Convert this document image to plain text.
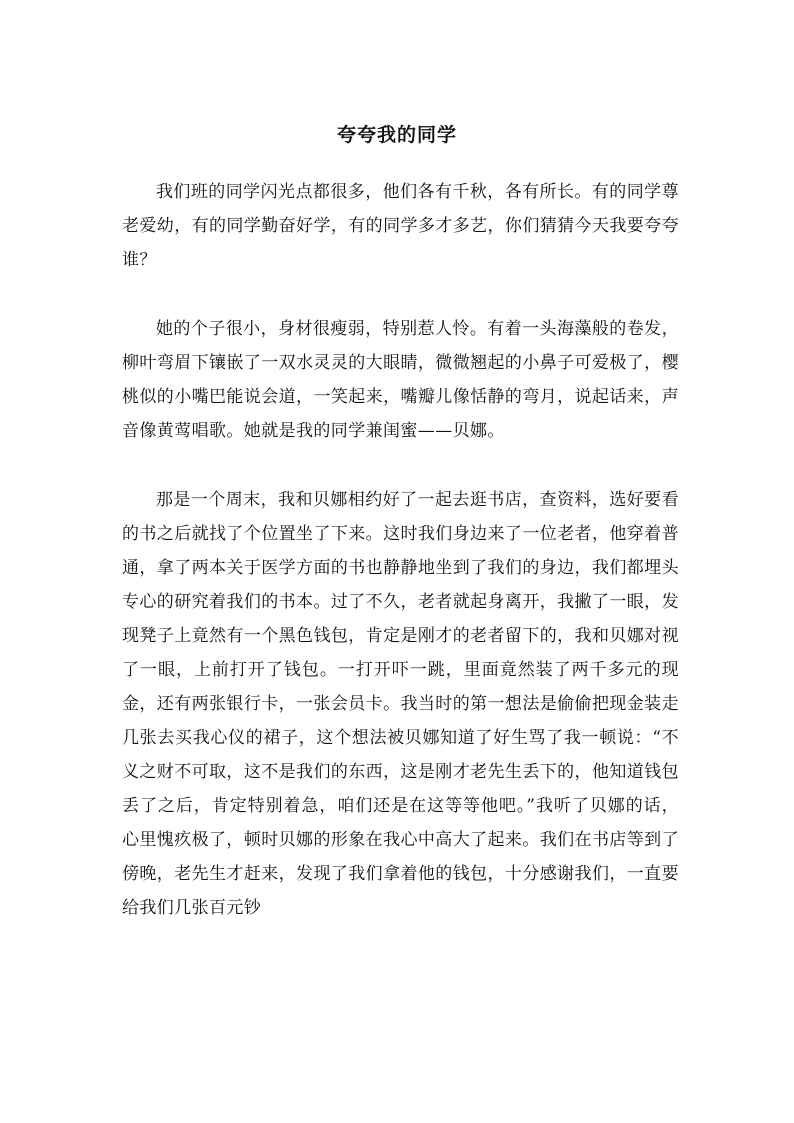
夸夸我的同学
我们班的同学闪光点都很多，他们各有千秋，各有所长。有的同学尊老爱幼，有的同学勤奋好学，有的同学多才多艺，你们猜猜今天我要夸夸谁？
她的个子很小，身材很瘦弱，特别惹人怜。有着一头海藻般的卷发，柳叶弯眉下镶嵌了一双水灵灵的大眼睛，微微翘起的小鼻子可爱极了，樱桃似的小嘴巴能说会道，一笑起来，嘴瓣儿像恬静的弯月，说起话来，声音像黄莺唱歌。她就是我的同学兼闺蜜——贝娜。
那是一个周末，我和贝娜相约好了一起去逛书店，查资料，选好要看的书之后就找了个位置坐了下来。这时我们身边来了一位老者，他穿着普通，拿了两本关于医学方面的书也静静地坐到了我们的身边，我们都埋头专心的研究着我们的书本。过了不久，老者就起身离开，我撇了一眼，发现凳子上竟然有一个黑色钱包，肯定是刚才的老者留下的，我和贝娜对视了一眼，上前打开了钱包。一打开吓一跳，里面竟然装了两千多元的现金，还有两张银行卡，一张会员卡。我当时的第一想法是偷偷把现金装走几张去买我心仪的裙子，这个想法被贝娜知道了好生骂了我一顿说：“不义之财不可取，这不是我们的东西，这是刚才老先生丢下的，他知道钱包丢了之后，肯定特别着急，咱们还是在这等等他吧。”我听了贝娜的话，心里愧疚极了，顿时贝娜的形象在我心中高大了起来。我们在书店等到了傍晚，老先生才赶来，发现了我们拿着他的钱包，十分感谢我们，一直要给我们几张百元钞
